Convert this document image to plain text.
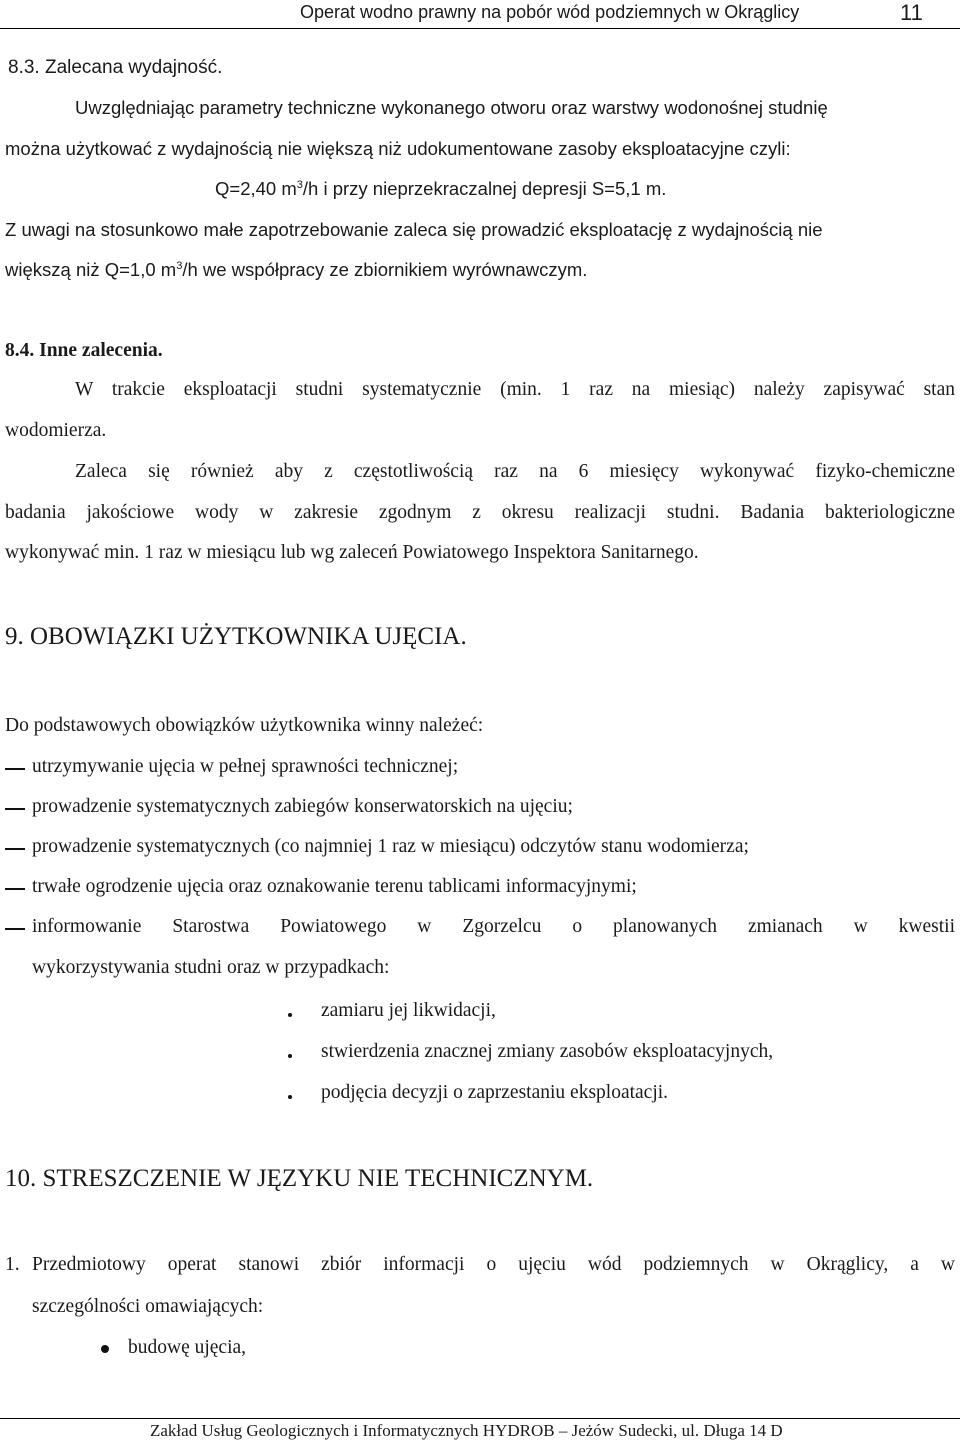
Operat wodno prawny na pobór wód podziemnych w Okrąglicy	11
8.3. Zalecana wydajność.
Uwzględniając parametry techniczne wykonanego otworu oraz warstwy wodonośnej studnię
można użytkować z wydajnością nie większą niż udokumentowane zasoby eksploatacyjne czyli:
Q=2,40 $m^3/h$ i przy nieprzekraczalnej depresji S=5,1 m.
Z uwagi na stosunkowo małe zapotrzebowanie zaleca się prowadzić eksploatację z wydajnością nie
większą niż Q=1,0 $m^3/h$ we współpracy ze zbiornikiem wyrównawczym.
8.4. Inne zalecenia.
W trakcie eksploatacji studni systematycznie (min. 1 raz na miesiąc) należy zapisywać stan
wodomierza.
Zaleca się również aby z częstotliwością raz na 6 miesięcy wykonywać fizyko-chemiczne
badania jakościowe wody w zakresie zgodnym z okresu realizacji studni. Badania bakteriologiczne
wykonywać min. 1 raz w miesiącu lub wg zaleceń Powiatowego Inspektora Sanitarnego.
9. OBOWIĄZKI UŻYTKOWNIKA UJĘCIA.
Do podstawowych obowiązków użytkownika winny należeć:
utrzymywanie ujęcia w pełnej sprawności technicznej;
prowadzenie systematycznych zabiegów konserwatorskich na ujęciu;
prowadzenie systematycznych (co najmniej 1 raz w miesiącu) odczytów stanu wodomierza;
trwałe ogrodzenie ujęcia oraz oznakowanie terenu tablicami informacyjnymi;
informowanie Starostwa Powiatowego w Zgorzelcu o planowanych zmianach w kwestii
wykorzystywania studni oraz w przypadkach:
zamiaru jej likwidacji,
stwierdzenia znacznej zmiany zasobów eksploatacyjnych,
podjęcia decyzji o zaprzestaniu eksploatacji.
10. STRESZCZENIE W JĘZYKU NIE TECHNICZNYM.
1. Przedmiotowy operat stanowi zbiór informacji o ujęciu wód podziemnych w Okrąglicy, a w
szczególności omawiających:
budowę ujęcia,
Zakład Usług Geologicznych i Informatycznych HYDROB – Jeżów Sudecki, ul. Długa 14 D
